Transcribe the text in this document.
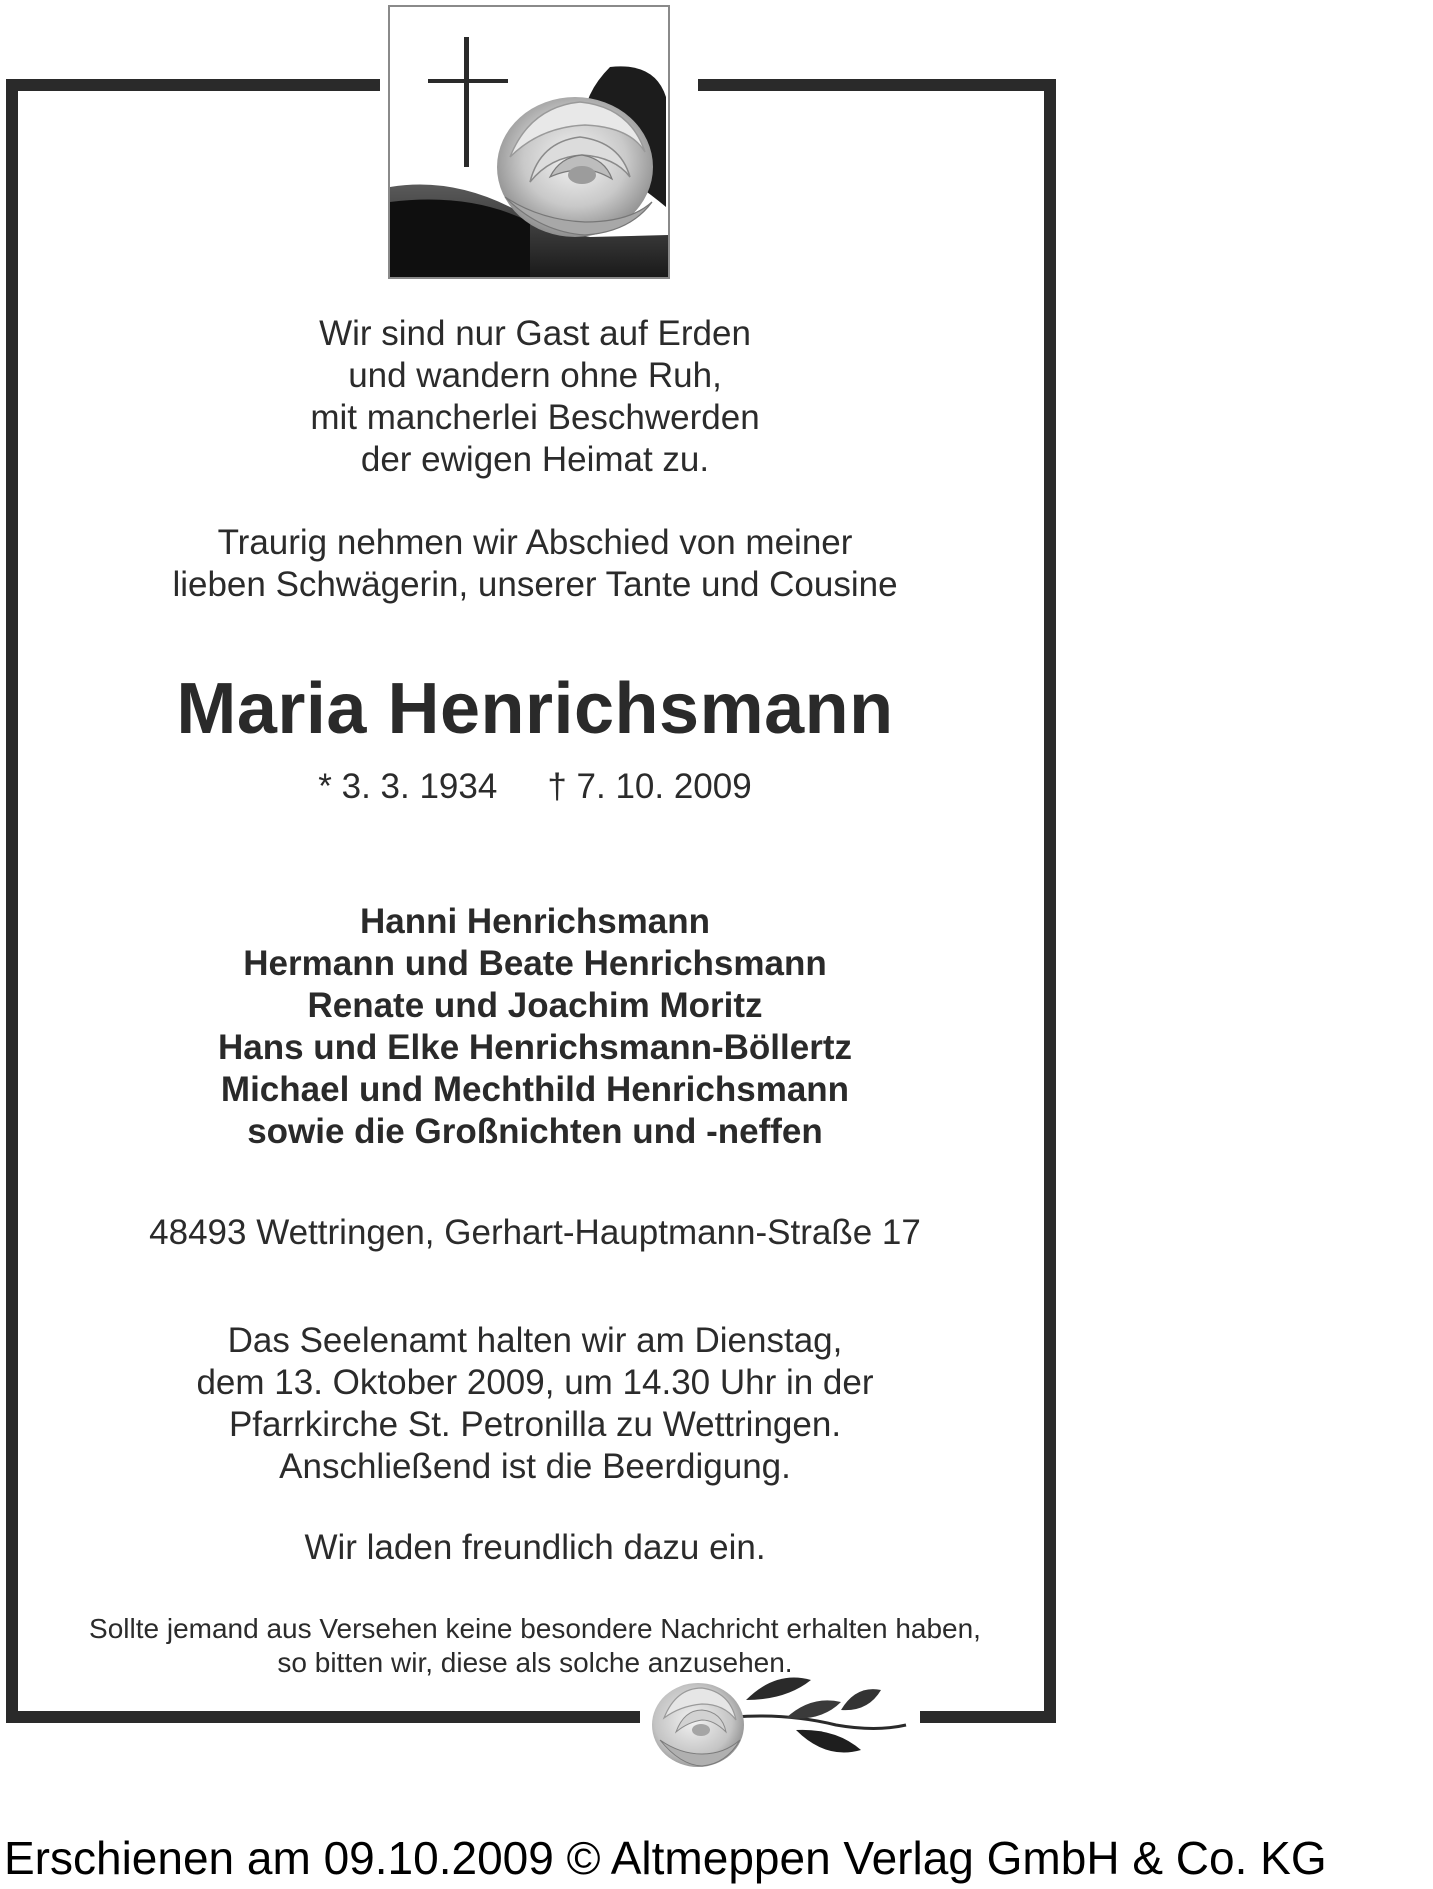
Wir sind nur Gast auf Erden
und wandern ohne Ruh,
mit mancherlei Beschwerden
der ewigen Heimat zu.
Traurig nehmen wir Abschied von meiner
lieben Schwägerin, unserer Tante und Cousine
Maria Henrichsmann
* 3. 3. 1934 † 7. 10. 2009
Hanni Henrichsmann
Hermann und Beate Henrichsmann
Renate und Joachim Moritz
Hans und Elke Henrichsmann-Böllertz
Michael und Mechthild Henrichsmann
sowie die Großnichten und -neffen
48493 Wettringen, Gerhart-Hauptmann-Straße 17
Das Seelenamt halten wir am Dienstag,
dem 13. Oktober 2009, um 14.30 Uhr in der
Pfarrkirche St. Petronilla zu Wettringen.
Anschließend ist die Beerdigung.
Wir laden freundlich dazu ein.
Sollte jemand aus Versehen keine besondere Nachricht erhalten haben,
so bitten wir, diese als solche anzusehen.
Erschienen am 09.10.2009 © Altmeppen Verlag GmbH & Co. KG
